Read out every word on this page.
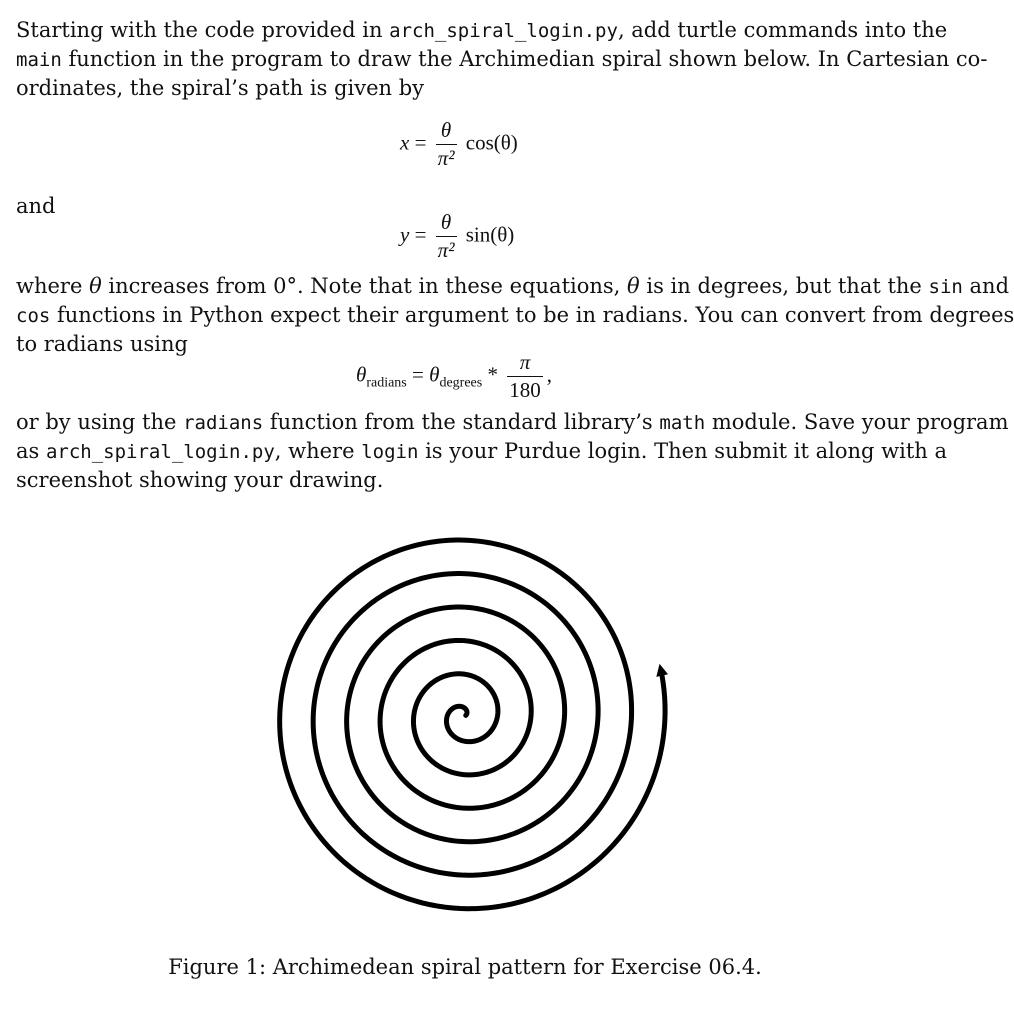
Starting with the code provided in arch_spiral_login.py, add turtle commands into the
main function in the program to draw the Archimedian spiral shown below. In Cartesian co-
ordinates, the spiral’s path is given by
$x = \frac{\theta}{\text{π²}} \cos(\theta)$
and
$y = \frac{\theta}{\text{π²}} \sin(\theta)$
where θ increases from 0°. Note that in these equations, θ is in degrees, but that the sin and
cos functions in Python expect their argument to be in radians. You can convert from degrees
to radians using
$\theta_{radians} = \theta_{degrees} * \frac{\pi}{180}$ ,
or by using the radians function from the standard library’s math module. Save your program
as arch_spiral_login.py, where login is your Purdue login. Then submit it along with a
screenshot showing your drawing.
Figure 1: Archimedean spiral pattern for Exercise 06.4.
